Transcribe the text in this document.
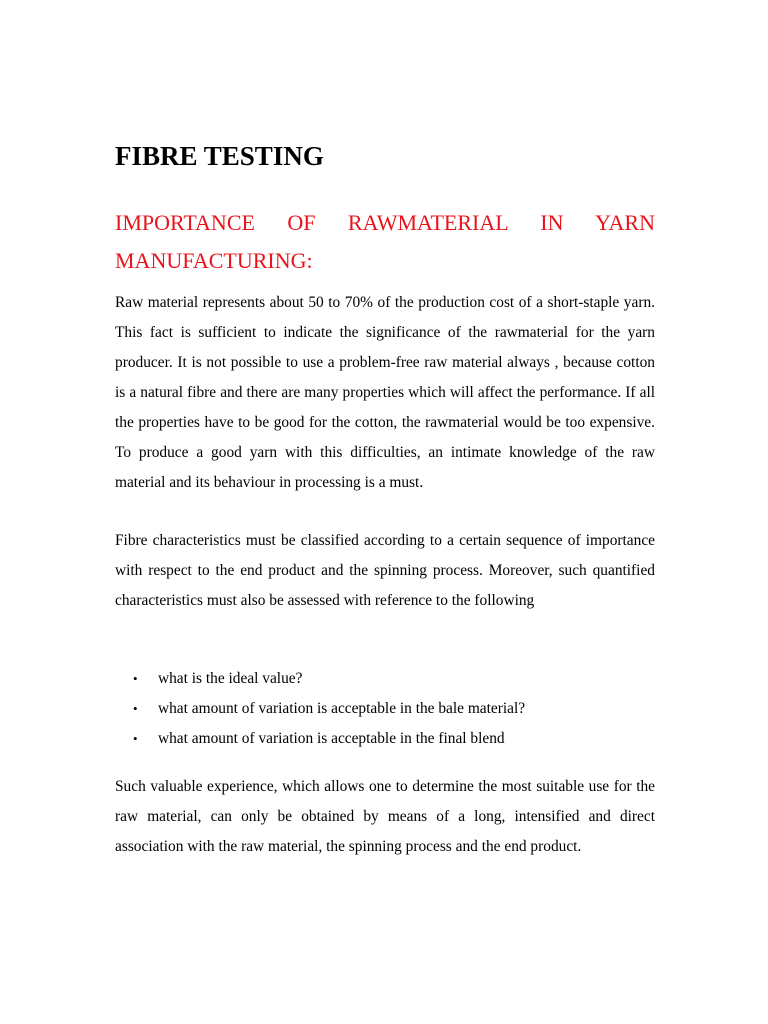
FIBRE TESTING
IMPORTANCE OF RAWMATERIAL IN YARN
MANUFACTURING:

Raw material represents about 50 to 70% of the production cost of a short-staple yarn. This fact is sufficient to indicate the significance of the rawmaterial for the yarn producer. It is not possible to use a problem-free raw material always , because cotton is a natural fibre and there are many properties which will affect the performance. If all the properties have to be good for the cotton, the rawmaterial would be too expensive. To produce a good yarn with this difficulties, an intimate knowledge of the raw material and its behaviour in processing is a must.

Fibre characteristics must be classified according to a certain sequence of importance with respect to the end product and the spinning process. Moreover, such quantified characteristics must also be assessed with reference to the following

• what is the ideal value?
• what amount of variation is acceptable in the bale material?
• what amount of variation is acceptable in the final blend

Such valuable experience, which allows one to determine the most suitable use for the raw material, can only be obtained by means of a long, intensified and direct association with the raw material, the spinning process and the end product.
